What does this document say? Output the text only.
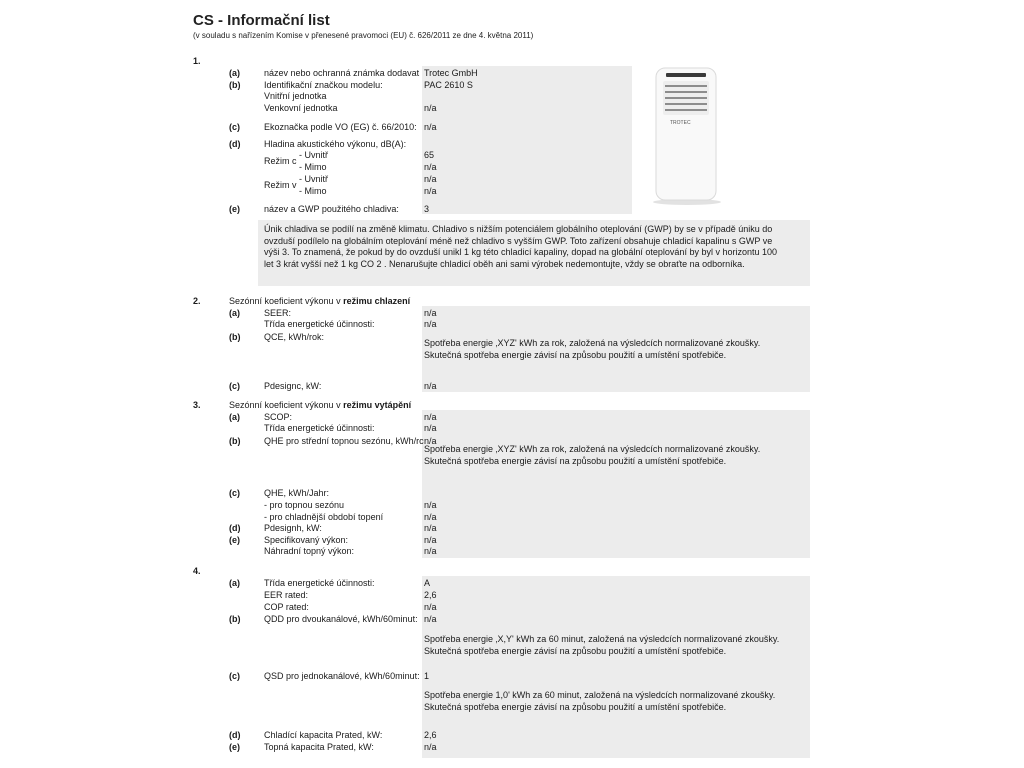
CS - Informační list
(v souladu s nařízením Komise v přenesené pravomoci (EU) č. 626/2011 ze dne 4. května 2011)
1.
(a)	název nebo ochranná známka dodavat Trotec GmbH
(b)	Identifikační značkou modelu:	PAC 2610 S
Vnitřní jednotka
Venkovní jednotka	n/a
(c)	Ekoznačka podle VO (EG) č. 66/2010: n/a
(d)	Hladina akustického výkonu, dB(A):
Režim c
- Uvnitř	65
- Mimo	n/a
Režim v
- Uvnitř	n/a
- Mimo	n/a
(e)	název a GWP použitého chladiva:	3
Únik chladiva se podílí na změně klimatu. Chladivo s nižším potenciálem globálního oteplování (GWP) by se v případě úniku do ovzduší podílelo na globálním oteplování méně než chladivo s vyšším GWP. Toto zařízení obsahuje chladicí kapalinu s GWP ve výši 3. To znamená, že pokud by do ovzduší unikl 1 kg této chladicí kapaliny, dopad na globální oteplování by byl v horizontu 100 let 3 krát vyšší než 1 kg CO 2 . Nenarušujte chladicí oběh ani sami výrobek nedemontujte, vždy se obraťte na odborníka.
TROTEC
2.	Sezónní koeficient výkonu v režimu chlazení
(a)	SEER:	n/a
Třída energetické účinnosti:	n/a
(b)	QCE, kWh/rok:
Spotřeba energie ‚XYZ' kWh za rok, založená na výsledcích normalizované zkoušky. Skutečná spotřeba energie závisí na způsobu použití a umístění spotřebiče.
(c)	Pdesignc, kW:	n/a
3.	Sezónní koeficient výkonu v režimu vytápění
(a)	SCOP:	n/a
Třída energetické účinnosti:	n/a
(b)	QHE pro střední topnou sezónu, kWh/rc n/a
Spotřeba energie ‚XYZ' kWh za rok, založená na výsledcích normalizované zkoušky. Skutečná spotřeba energie závisí na způsobu použití a umístění spotřebiče.
(c)	QHE, kWh/Jahr:
- pro topnou sezónu	n/a
- pro chladnější období topení	n/a
(d)	Pdesignh, kW:	n/a
(e)	Specifikovaný výkon:	n/a
Náhradní topný výkon:	n/a
4.
(a)	Třída energetické účinnosti:	A
EER rated:	2,6
COP rated:	n/a
(b)	QDD pro dvoukanálové, kWh/60minut: n/a
Spotřeba energie ‚X,Y' kWh za 60 minut, založená na výsledcích normalizované zkoušky. Skutečná spotřeba energie závisí na způsobu použití a umístění spotřebiče.
(c)	QSD pro jednokanálové, kWh/60minut: 1
Spotřeba energie 1,0' kWh za 60 minut, založená na výsledcích normalizované zkoušky. Skutečná spotřeba energie závisí na způsobu použití a umístění spotřebiče.
(d)	Chladící kapacita Prated, kW:	2,6
(e)	Topná kapacita Prated, kW:	n/a
